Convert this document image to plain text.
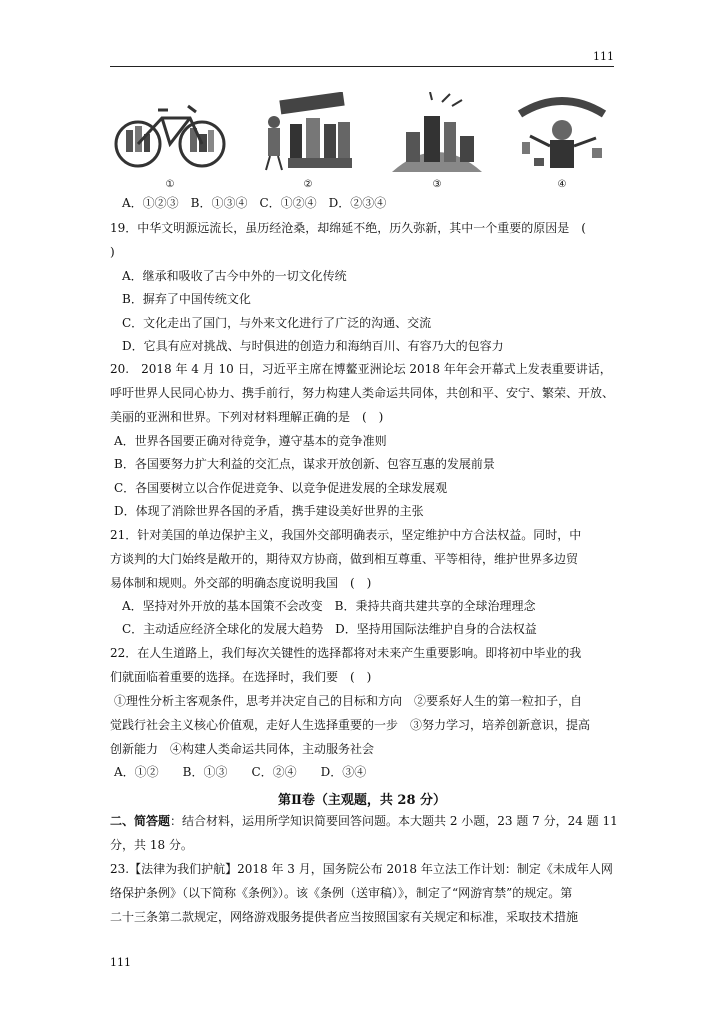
111
①	②	③	④
A．①②③　B．①③④　C．①②④　D．②③④
19．中华文明源远流长，虽历经沧桑，却绵延不绝，历久弥新，其中一个重要的原因是　(
)
A．继承和吸收了古今中外的一切文化传统
B．摒弃了中国传统文化
C．文化走出了国门，与外来文化进行了广泛的沟通、交流
D．它具有应对挑战、与时俱进的创造力和海纳百川、有容乃大的包容力
20.　2018 年 4 月 10 日，习近平主席在博鳌亚洲论坛 2018 年年会开幕式上发表重要讲话，
呼吁世界人民同心协力、携手前行，努力构建人类命运共同体，共创和平、安宁、繁荣、开放、
美丽的亚洲和世界。下列对材料理解正确的是　(　)
A．世界各国要正确对待竞争，遵守基本的竞争准则
B．各国要努力扩大利益的交汇点，谋求开放创新、包容互惠的发展前景
C．各国要树立以合作促进竞争、以竞争促进发展的全球发展观
D．体现了消除世界各国的矛盾，携手建设美好世界的主张
21．针对美国的单边保护主义，我国外交部明确表示，坚定维护中方合法权益。同时，中
方谈判的大门始终是敞开的，期待双方协商，做到相互尊重、平等相待，维护世界多边贸
易体制和规则。外交部的明确态度说明我国　(　)
A．坚持对外开放的基本国策不会改变　B．秉持共商共建共享的全球治理理念
C．主动适应经济全球化的发展大趋势　D．坚持用国际法维护自身的合法权益
22．在人生道路上，我们每次关键性的选择都将对未来产生重要影响。即将初中毕业的我
们就面临着重要的选择。在选择时，我们要　(　)
①理性分析主客观条件，思考并决定自己的目标和方向　②要系好人生的第一粒扣子，自
觉践行社会主义核心价值观，走好人生选择重要的一步　③努力学习，培养创新意识，提高
创新能力　④构建人类命运共同体，主动服务社会
A．①②　　B．①③　　C．②④　　D．③④
第Ⅱ卷（主观题，共 28 分）
二、简答题：结合材料，运用所学知识简要回答问题。本大题共 2 小题，23 题 7 分，24 题 11
分，共 18 分。
23.【法律为我们护航】2018 年 3 月，国务院公布 2018 年立法工作计划：制定《未成年人网
络保护条例》（以下简称《条例》）。该《条例（送审稿）》，制定了“网游宵禁”的规定。第
二十三条第二款规定，网络游戏服务提供者应当按照国家有关规定和标准，采取技术措施
111
